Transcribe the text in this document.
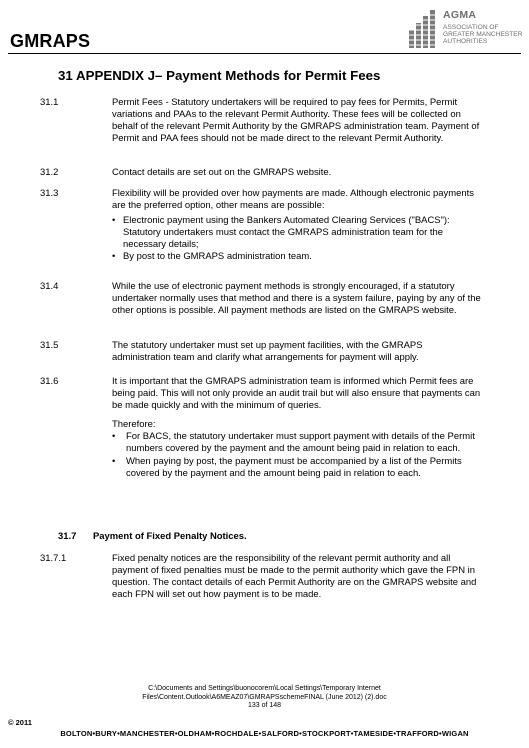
GMRAPS
AGMA
ASSOCIATION OF
GREATER MANCHESTER
AUTHORITIES
31 APPENDIX J– Payment Methods for Permit Fees
31.1	Permit Fees - Statutory undertakers will be required to pay fees for Permits, Permit variations and PAAs to the relevant Permit Authority. These fees will be collected on behalf of the relevant Permit Authority by the GMRAPS administration team. Payment of Permit and PAA fees should not be made direct to the relevant Permit Authority.

31.2	Contact details are set out on the GMRAPS website.

31.3	Flexibility will be provided over how payments are made. Although electronic payments are the preferred option, other means are possible:

• Electronic payment using the Bankers Automated Clearing Services ("BACS"): Statutory undertakers must contact the GMRAPS administration team for the necessary details;
• By post to the GMRAPS administration team.
31.4	While the use of electronic payment methods is strongly encouraged, if a statutory undertaker normally uses that method and there is a system failure, paying by any of the other options is possible. All payment methods are listed on the GMRAPS website.

31.5	The statutory undertaker must set up payment facilities, with the GMRAPS administration team and clarify what arrangements for payment will apply.

31.6	It is important that the GMRAPS administration team is informed which Permit fees are being paid. This will not only provide an audit trail but will also ensure that payments can be made quickly and with the minimum of queries.

Therefore:

• For BACS, the statutory undertaker must support payment with details of the Permit numbers covered by the payment and the amount being paid in relation to each.
• When paying by post, the payment must be accompanied by a list of the Permits covered by the payment and the amount being paid in relation to each.
31.7 Payment of Fixed Penalty Notices.
31.7.1	Fixed penalty notices are the responsibility of the relevant permit authority and all payment of fixed penalties must be made to the permit authority which gave the FPN in question. The contact details of each Permit Authority are on the GMRAPS website and each FPN will set out how payment is to be made.

C:\Documents and Settings\buonocorem\Local Settings\Temporary Internet
Files\Content.Outlook\A6MEAZ07\GMRAPSschemeFINAL (June 2012) (2).doc
133 of 148
© 2011
BOLTON•BURY•MANCHESTER•OLDHAM•ROCHDALE•SALFORD•STOCKPORT•TAMESIDE•TRAFFORD•WIGAN
